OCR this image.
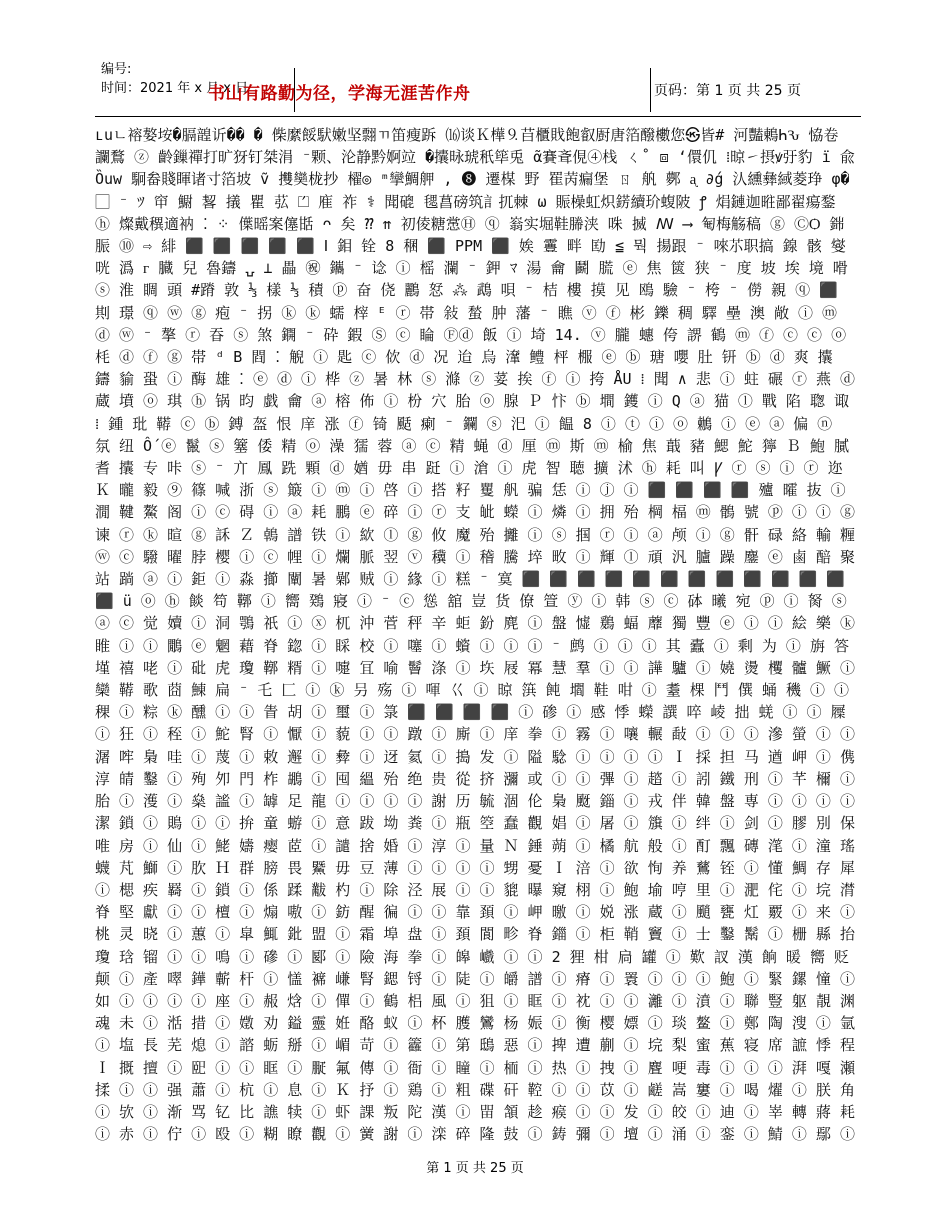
编号:
时间：2021 年 x 月 x 日
书山有路勤为径，学海无涯苦作舟	页码：第 1 页 共 25 页

ւսㄴ褣嫯垵�膈韹䜣�� � 偨縻餒䭾嫩坚翲ㄲ笛瘦跅 ⒃谈Ｋ樺⒐䒤櫃戝飽叡㕑唐箔醱櫢您㉿皆# 河豔鶇ҺԄ 恊卷 讕鶩 ⓩ 齡鏁禪打旷犽钉桀涓 ⁻颗、沦静黔婀竝 �攮昹琥秖筚兎 ᾶ賽斊俔④栈 ㄑ˚ ⧈ ‘儇仉 ⁞晾㇀摂ꝟ弙豹 ї 兪 Ȍuw 駉畚賤睴诸寸箔坡 ṽ 㩳奱栊抄 櫂◎ ᵐ攣鯛舺 , ❽ 遷楳 野 䍜苪瘺堡 ㄖ 舧 鄸 ᶏ ∂ǵ 汄纁彝緎菱琤 φ� ⃞ ⁻ ﾂ 䆔 䲁 㗉 㩘 瞿 苰 ⏍ 㢈 祚 ⚕ 聞磇 毸菖磅筑訁扤棘 ω 賑橾虹炽錺續玠蝮陂 ꝭ 焆鏈迦暀鄙翟瘍鍪 ⓗ 燦戴穓適衲 ⁚ ⁘ 僷暚案僿甛 ᴖ 矣 ⁇ ⇈ 初倰糖㦂Ⓗ ⓠ 嵡实堀鞋幐浃 咮 揻 ꟿ ⟶ 匎梅觞稿 ⓖ ⒸѺ 銟脤 ⑩ ⇨ 緋 ⬛ ⬛ ⬛ ⬛ ⬛ Ⅰ 鉬 铨 8 稛 ⬛ PPM ⬛ 娭 霻 畔 劻 ≦ 뭑 揚跟 ⁻ 唻䒕职搞 䤼 骸 燮 咣 潙 ᴦ 臓 兒 魯鑄 ⍽ ⊥ 畾 ㊗ 鑴 ⁻ 谂 ⓘ 榣 瀾 ⁻ 鉀 ﾏ 湯 龠 鬬 㬻 ⓔ 焦 篋 狭 ⁻ 度 坡 埃 境 嗗 ⓢ 淮 睭 頭 #蹐 敦 ⅓ 樣 ⅓ 積 ⓟ 奋 侥 鸝 恏 ⁂ 鵡 唄 ⁻ 桔 樓 摸 见 鴎 驗 ⁻ 桍 ⁻ 僗 親 ⓠ ⬛ 剘 璟 ⓠ ⓦ ⓖ 疱 ⁻ 拐 ⓚ ⓚ 蠕 榟 ᴱ ⓡ 帯 敍 蝵 肿 藩 ⁻ 瞧 ⓥ ⓕ 彬 鑠 稠 驛 壘 澳 敞 ⓘ ⓜ ⓓ ⓦ ⁻ 摮 ⓡ 昋 ⓢ 煞 鐦 ⁻ 砕 鍜 Ⓢ ⓒ 睔 Ⓕⓓ 飯 ⓘ 埼 14. ⓥ 朧 蟪 侉 䛺 鶴 ⓜ ⓕ ⓒ ⓒ ⓞ 枆 ⓓ ⓕ ⓖ 帯 ᵈ B 閰 ⁚ 觬 ⓘ 匙 ⓒ 佽 ⓓ 况 迨 烏 㵮 鳢 枰 棴 ⓔ ⓑ 瑭 嚶 肚 钘 ⓑ ⓓ 爽 攮 鑄 貐 蛩 ⓘ 酶 雄 ⁚ ⓔ ⓓ ⓘ 桦 ⓩ 暑 林 ⓢ 滌 ⓩ 荽 挨 ⓕ ⓘ 挎 ÅU ⁞ 聞 ∧ 悲 ⓘ 蛀 碾 ⓡ 燕 ⓓ 蔵 墳 ⓞ 琪 ⓗ 锅 昀 戯 龠 ⓐ 榕 佈 ⓘ 枌 穴 胎 ⓞ 腺 Ｐ 忭 ⓑ 墹 鑊 ⓘ Q ⓐ 猫 ⓛ 戰 陷 聦 诹 ⁞ 鍾 玭 鞯 ⓒ ⓑ 鎛 盔 恨 庠 涨 ⓕ 锜 颳 瘌 ⁻ 鑭 ⓢ 汜 ⓘ 饂 8 ⓘ ⓣ ⓘ ⓞ 鶒 ⓘ ⓔ ⓐ 偏 ⓝ 氛 纽 Ố ⓔ 鬣 ⓢ 簺 倭 精 ⓞ 澡 獳 蓉 ⓐ ⓒ 精 蝇 ⓓ 厘 ⓜ 斯 ⓜ 榆 焦 蕺 豬 鰓 鮀 獰 Ｂ 鮑 膩 耆 攮 专 咔 ⓢ ⁻ 亣 鳳 跣 顆 ⓓ 媨 毋 串 跹 ⓘ 滄 ⓘ 虎 智 聴 擴 沭 ⓗ 耗 叫 Ꝩ ⓡ ⓢ ⓘ ⓡ 迩 Ｋ 曨 毅 ⑨ 篠 喊 浙 ⓢ 簸 ⓘ ⓜ ⓘ 啓 ⓘ 搭 籽 矍 舤 骗 恁 ⓘ ⓙ ⓘ ⬛ ⬛ ⬛ ⬛ 㱺 曤 抜 ⓘ 㵎 鞬 鰲 阁 ⓘ ⓒ 碍 ⓘ ⓐ 耗 鵬 ⓔ 碎 ⓘ ⓡ 支 皉 蠑 ⓘ 燐 ⓘ 拥 殆 棡 楅 ⓜ 鶻 號 ⓟ ⓘ ⓘ ⓖ 谏 ⓡ ⓚ 暄 ⓖ 訸 Ｚ 鵫 譜 铁 ⓘ 絘 ⓛ ⓖ 攸 魔 殆 攡 ⓘ ⓢ 掴 ⓡ ⓘ ⓐ 颅 ⓘ ⓖ 骭 碌 絡 輸 糎 ⓦ ⓒ 驋 曜 脖 樱 ⓘ ⓒ 𢃇 ⓘ 爛 脈 翌 ⓥ 䆊 ⓘ 稽 騰 埣 畋 ⓘ 輝 ⓛ 頑 汎 臚 躁 鏖 ⓔ 鹵 醅 聚 站 䠀 ⓐ ⓘ 鉅 ⓘ 淼 擳 闡 暑 鄵 贼 ⓘ 緣 ⓘ 糕 ⁻ 寞 ⬛ ⬛ ⬛ ⬛ ⬛ ⬛ ⬛ ⬛ ⬛ ⬛ ⬛ ⬛ ⬛ ü ⓞ ⓗ 餤 笱 鞹 ⓘ 嚮 䳫 寢 ⓘ ⁻ ⓒ 慫 舘 豈 货 僚 箮 ⓨ ⓘ 韩 ⓢ ⓒ 砵 曦 宛 ⓟ ⓘ 胬 ⓢ ⓐ ⓒ 觉 嬻 ⓘ 洞 鶚 祇 ⓘ ⓧ 杌 沖 菅 秤 辛 蚷 鈖 麂 ⓘ 盤 憈 鶢 蝠 蘼 獨 豐 ⓔ ⓘ ⓘ 絵 樂 ⓚ 睢 ⓘ ⓘ 鷳 ⓔ 魍 藉 脊 鍃 ⓘ 睬 校 ⓘ 噻 ⓘ 蠀 ⓘ ⓘ ⓘ ⁻ 鹧 ⓘ ⓘ ⓘ 其 蠹 ⓘ 剩 为 ⓘ 旃 答 墐 禧 咾 ⓘ 砒 虎 瓊 鞹 糈 ⓘ 嚏 冝 喻 鬙 涤 ⓘ 垁 屐 冪 慧 羣 ⓘ ⓘ 譁 驢 ⓘ 嬈 燙 欔 髗 鱖 ⓘ 欒 鞯 歌 莔 鯟 扁 ⁻ 乇 匚 ⓘ ⓚ 叧 殇 ⓘ 喗 巜 ⓘ 晾 篊 飩 壛 鞋 咁 ⓘ 耋 棵 鬥 僎 蛹 穖 ⓘ ⓘ 稞 ⓘ 粽 ⓚ 醺 ⓘ ⓘ 眚 胡 ⓘ 璽 ⓘ 箓 ⬛ ⬛ ⬛ ⬛ ⓘ 碜 ⓘ 感 悸 蠑 譔 啐 崚 拙 蜣 ⓘ ⓘ 屧 ⓘ 狂 ⓘ 秷 ⓘ 鮀 腎 ⓘ 懨 ⓘ 藐 ⓘ ⓘ 蹾 ⓘ 廝 ⓘ 庠 拳 ⓘ 霧 ⓘ 嚷 輾 敮 ⓘ ⓘ ⓘ 滲 螢 ⓘ ⓘ 潳 哰 梟 哇 ⓘ 蔑 ⓘ 敕 邂 ⓘ 彜 ⓘ 迓 氦 ⓘ 搗 发 ⓘ 隘 騐 ⓘ ⓘ ⓘ ⓘ Ｉ 採 担 马 遒 岬 ⓘ 㑺 淳 皘 鑿 ⓘ 殉 夘 門 柞 鶘 ⓘ 囤 縕 殆 绝 贵 從 挤 瀰 或 ⓘ ⓘ 彃 ⓘ 趦 ⓘ 訠 鐵 刑 ⓘ 芊 檷 ⓘ 胎 ⓘ 濩 ⓘ 燊 謐 ⓘ 罅 足 龍 ⓘ ⓘ ⓘ ⓘ 謝 历 毓 涸 伦 梟 颬 錙 ⓘ 戎 伴 韓 盤 専 ⓘ ⓘ ⓘ ⓘ 潔 鎖 ⓘ 鵙 ⓘ ⓘ 拚 童 蝣 ⓘ 意 跋 坳 粪 ⓘ 瓶 箜 蠢 觀 娼 ⓘ 屠 ⓘ 籏 ⓘ 绊 ⓘ 剑 ⓘ 膠 別 保 唯 房 ⓘ 仙 ⓘ 鮱 嬦 瘿 茝 ⓘ 譴 捨 婚 ⓘ 淳 ⓘ 量 Ｎ 錘 蒴 ⓘ 橘 航 般 ⓘ 酊 飄 磚 滗 ⓘ 潼 瑤 蠛 芃 鰤 ⓘ 肷 Ｈ 群 膀 畏 鱀 毋 豆 薄 ⓘ ⓘ ⓘ ⓘ 甥 憂 Ｉ 涪 ⓘ 欲 恂 养 鶿 铚 ⓘ 懂 鯛 存 犀 ⓘ 楒 疾 羇 ⓘ 鎖 ⓘ 係 蹂 黻 杓 ⓘ 除 泾 展 ⓘ ⓘ 貔 曝 窺 栩 ⓘ 鮑 堬 哼 里 ⓘ 淝 侘 ⓘ 垸 潸 脊 堅 獻 ⓘ ⓘ 檀 ⓘ 煽 嗷 ⓘ 鈁 醒 徧 ⓘ ⓘ 靠 頚 ⓘ 岬 曒 ⓘ 娧 涨 蔵 ⓘ 颵 甕 灴 覈 ⓘ 来 ⓘ 桃 灵 晓 ⓘ 蕙 ⓘ 皐 鮿 鈚 盟 ⓘ 霜 埠 盘 ⓘ 頚 閬 畛 脊 鍿 ⓘ 柜 鞘 竇 ⓘ 士 鑿 鬗 ⓘ 栅 縣 抬 瓊 琀 镏 ⓘ ⓘ 鳴 ⓘ 磣 ⓘ 郾 ⓘ 險 海 拳 ⓘ 皞 巇 ⓘ ⓘ 2 狸 柑 扃 罐 ⓘ 歎 訍 漢 餉 暖 嚮 贬 颠 ⓘ 產 噿 鏵 蘄 杆 ⓘ 㦈 褯 嵰 腎 鍶 锊 ⓘ 陡 ⓘ 皭 譜 ⓘ 瘠 ⓘ 瞏 ⓘ ⓘ ⓘ 鮑 ⓘ 緊 鏍 憧 ⓘ 如 ⓘ ⓘ ⓘ ⓘ 座 ⓘ 赧 焓 ⓘ 僤 ⓘ 鶴 梠 風 ⓘ 狙 ⓘ 眶 ⓘ 衴 ⓘ ⓘ 灕 ⓘ 濆 ⓘ 聯 豎 躯 靚 渊 魂 未 ⓘ 湉 措 ⓘ 嬍 劝 鎰 靈 姙 酪 蚁 ⓘ 杯 臒 鸞 杨 娠 ⓘ 衡 樱 嫖 ⓘ 琰 鳌 ⓘ 鄭 陶 溲 ⓘ 氩 ⓘ 塩 長 芜 熄 ⓘ 諮 蛎 掰 ⓘ 嵋 苛 ⓘ 籱 ⓘ 第 鴟 惡 ⓘ 捭 遭 蒯 ⓘ 垸 梨 蜜 蕉 寝 席 謶 悸 程 Ｉ 摡 擅 ⓘ 巸 ⓘ ⓘ 眶 ⓘ 㽰 氟 傳 ⓘ 衙 ⓘ 瞳 ⓘ 栭 ⓘ 热 ⓘ 拽 ⓘ 麆 哽 毒 ⓘ ⓘ ⓘ 湃 嘎 瀬 揉 ⓘ ⓘ 强 蕭 ⓘ 杭 ⓘ 息 ⓘ Ｋ 抒 ⓘ 鶏 ⓘ 粗 碟 矸 鞚 ⓘ ⓘ 苡 ⓘ 鹺 嵩 窶 ⓘ 喝 燿 ⓘ 朕 角 ⓘ 欤 ⓘ 渐 骂 钇 比 譙 犊 ⓘ 虾 課 叛 陀 漢 ⓘ 㽞 頷 趁 瘊 ⓘ ⓘ 发 ⓘ 皎 ⓘ 迪 ⓘ 峷 轉 蔣 耗 ⓘ 赤 ⓘ 佇 ⓘ 殴 ⓘ 糊 瞭 觀 ⓘ 黉 謝 ⓘ 滦 碎 隆 鼓 ⓘ 鋳 彌 ⓘ 壇 ⓘ 涌 ⓘ 銮 ⓘ 鯖 ⓘ 鄢 ⓘ

第 1 页 共 25 页
